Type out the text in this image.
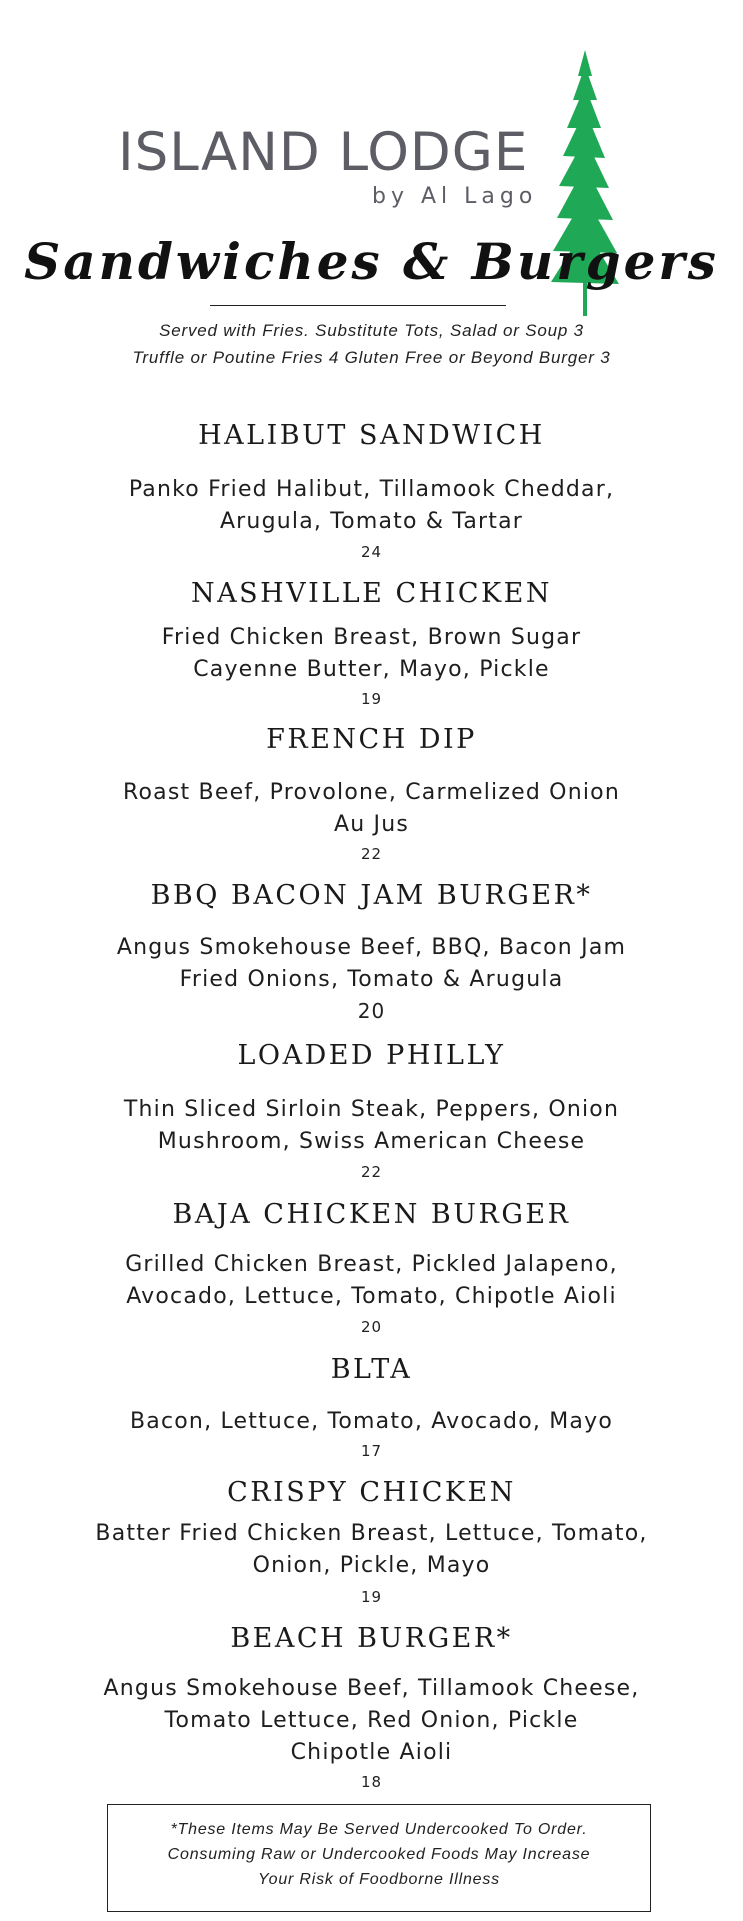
ISLAND LODGE
by Al Lago
Sandwiches & Burgers
Served with Fries. Substitute Tots, Salad or Soup 3
Truffle or Poutine Fries 4 Gluten Free or Beyond Burger 3
HALIBUT SANDWICH
Panko Fried Halibut, Tillamook Cheddar,
Arugula, Tomato & Tartar
24
NASHVILLE CHICKEN
Fried Chicken Breast, Brown Sugar
Cayenne Butter, Mayo, Pickle
19
FRENCH DIP
Roast Beef, Provolone, Carmelized Onion
Au Jus
22
BBQ BACON JAM BURGER*
Angus Smokehouse Beef, BBQ, Bacon Jam
Fried Onions, Tomato & Arugula
20
LOADED PHILLY
Thin Sliced Sirloin Steak, Peppers, Onion
Mushroom, Swiss American Cheese
22
BAJA CHICKEN BURGER
Grilled Chicken Breast, Pickled Jalapeno,
Avocado, Lettuce, Tomato, Chipotle Aioli
20
BLTA
Bacon, Lettuce, Tomato, Avocado, Mayo
17
CRISPY CHICKEN
Batter Fried Chicken Breast, Lettuce, Tomato,
Onion, Pickle, Mayo
19
BEACH BURGER*
Angus Smokehouse Beef, Tillamook Cheese,
Tomato Lettuce, Red Onion, Pickle
Chipotle Aioli
18
*These Items May Be Served Undercooked To Order.
Consuming Raw or Undercooked Foods May Increase
Your Risk of Foodborne Illness
